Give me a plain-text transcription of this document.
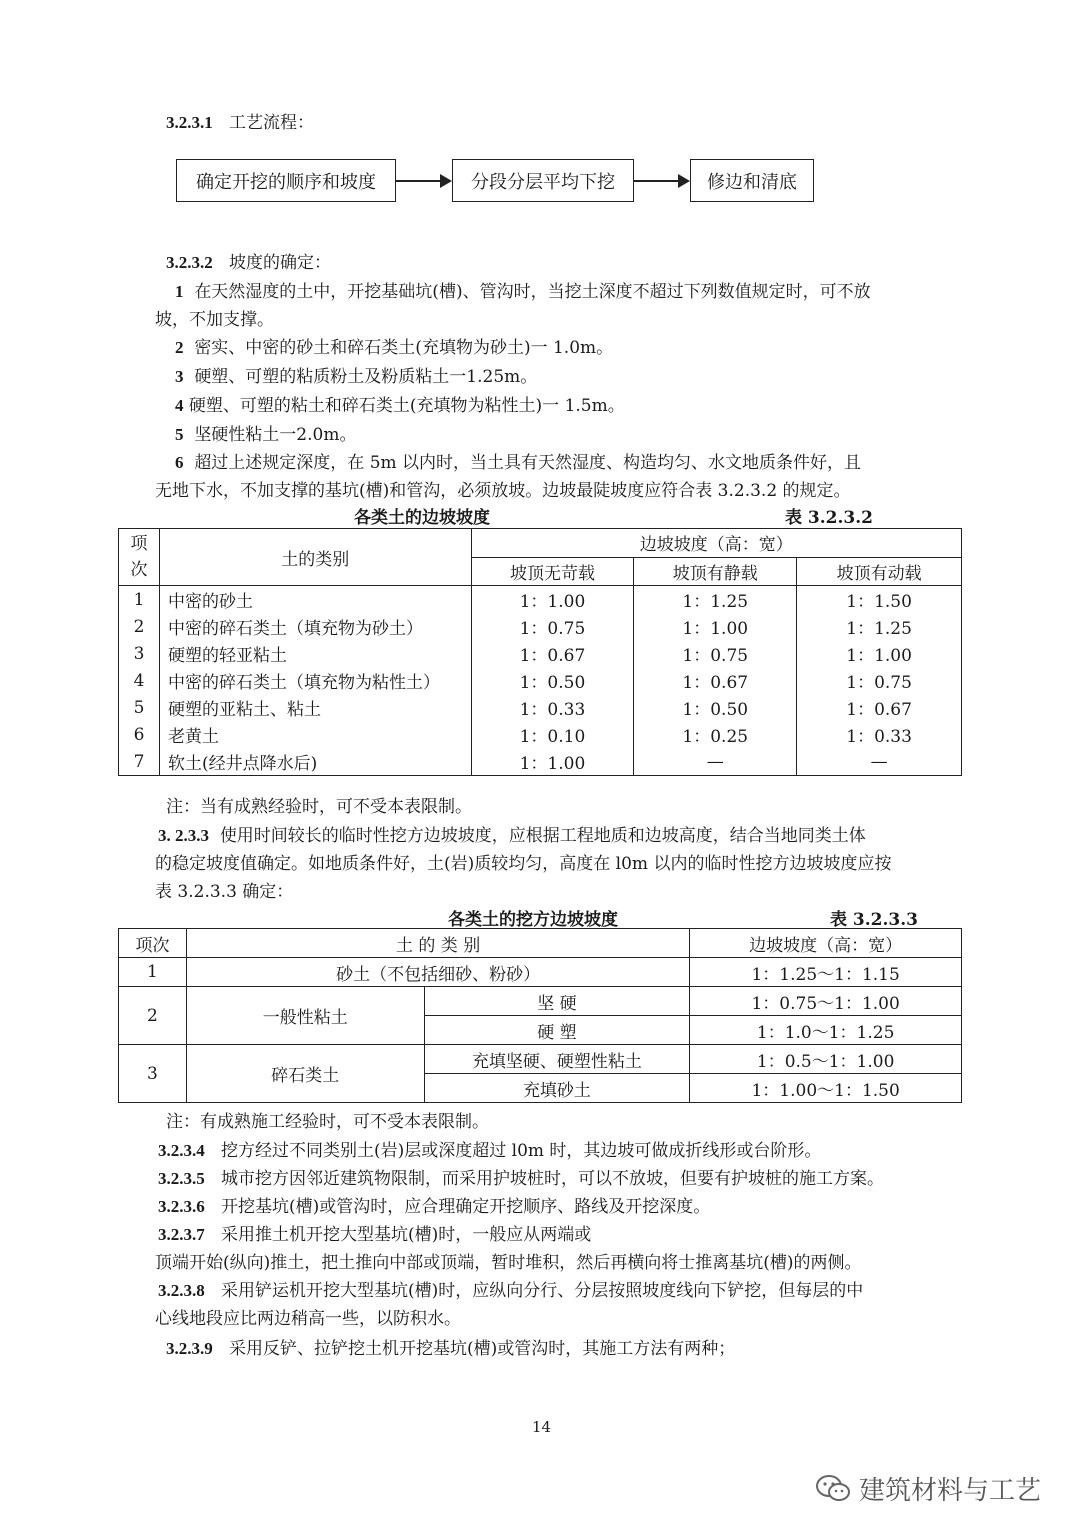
3.2.3.1 工艺流程：
确定开挖的顺序和坡度	分段分层平均下挖	修边和清底
3.2.3.2 坡度的确定：
1 在天然湿度的土中，开挖基础坑(槽)、管沟时，当挖土深度不超过下列数值规定时，可不放
坡，不加支撑。
2 密实、中密的砂土和碎石类土(充填物为砂土)一 1.0m。
3 硬塑、可塑的粘质粉土及粉质粘土一1.25m。
4 硬塑、可塑的粘土和碎石类土(充填物为粘性土)一 1.5m。
5 坚硬性粘土一2.0m。
6 超过上述规定深度，在 5m 以内时，当土具有天然湿度、构造均匀、水文地质条件好，且
无地下水，不加支撑的基坑(槽)和管沟，必须放坡。边坡最陡坡度应符合表 3.2.3.2 的规定。
各类土的边坡坡度	表 3.2.3.2
项次	土的类别	边坡坡度（高：宽）		
		坡顶无苛载	坡顶有静载	坡顶有动载
1	中密的砂土	1：1.00	1：1.25	1：1.50
2	中密的碎石类土（填充物为砂土）	1：0.75	1：1.00	1：1.25
3	硬塑的轻亚粘土	1：0.67	1：0.75	1：1.00
4	中密的碎石类土（填充物为粘性土）	1：0.50	1：0.67	1：0.75
5	硬塑的亚粘土、粘土	1：0.33	1：0.50	1：0.67
6	老黄土	1：0.10	1：0.25	1：0.33
7	软土(经井点降水后)	1：1.00	—	—
注：当有成熟经验时，可不受本表限制。
3. 2.3.3 使用时间较长的临时性挖方边坡坡度，应根据工程地质和边坡高度，结合当地同类土体
的稳定坡度值确定。如地质条件好，土(岩)质较均匀，高度在 l0m 以内的临时性挖方边坡坡度应按
表 3.2.3.3 确定：
各类土的挖方边坡坡度	表 3.2.3.3
项次	土 的 类 别		边坡坡度（高：宽）
1	砂土（不包括细砂、粉砂）		1：1.25～1：1.15
2	一般性粘土	坚 硬	1：0.75～1：1.00
		硬 塑	1：1.0～1：1.25
3	碎石类土	充填坚硬、硬塑性粘土	1：0.5～1：1.00
		充填砂土	1：1.00～1：1.50
注：有成熟施工经验时，可不受本表限制。
3.2.3.4 挖方经过不同类别土(岩)层或深度超过 l0m 时，其边坡可做成折线形或台阶形。
3.2.3.5 城市挖方因邻近建筑物限制，而采用护坡桩时，可以不放坡，但要有护坡桩的施工方案。
3.2.3.6 开挖基坑(槽)或管沟时，应合理确定开挖顺序、路线及开挖深度。
3.2.3.7 采用推土机开挖大型基坑(槽)时，一般应从两端或
顶端开始(纵向)推土，把土推向中部或顶端，暂时堆积，然后再横向将士推离基坑(槽)的两侧。
3.2.3.8 采用铲运机开挖大型基坑(槽)时，应纵向分行、分层按照坡度线向下铲挖，但每层的中
心线地段应比两边稍高一些，以防积水。
3.2.3.9 采用反铲、拉铲挖土机开挖基坑(槽)或管沟时，其施工方法有两种；
14
建筑材料与工艺
